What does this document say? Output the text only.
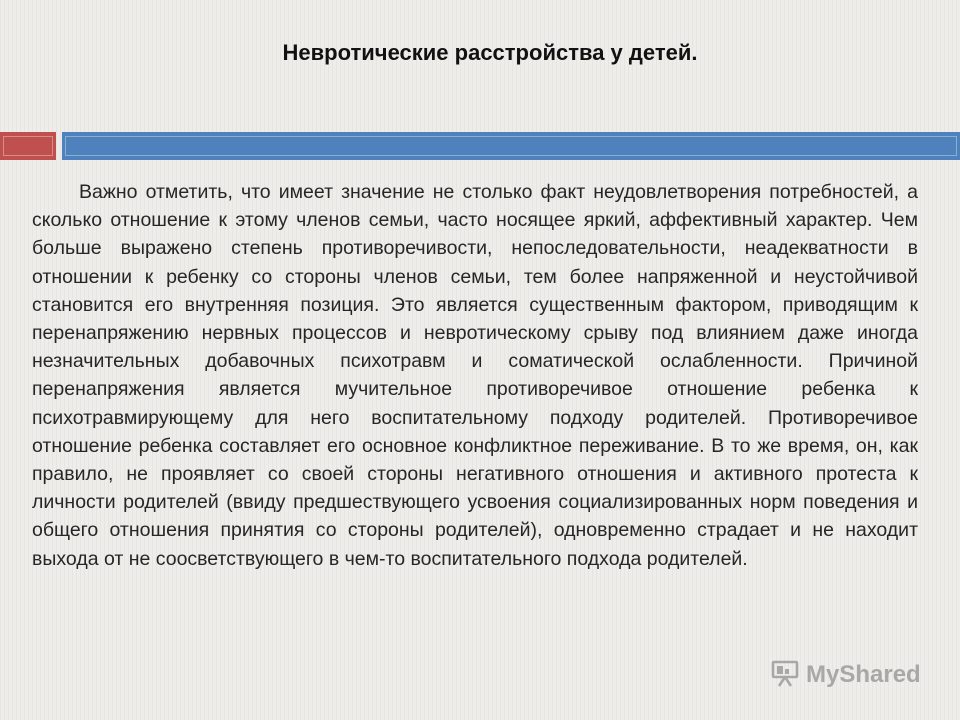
Невротические расстройства у детей.

Важно отметить, что имеет значение не столько факт неудовлетворения потребностей, а сколько отношение к этому членов семьи, часто носящее яркий, аффективный характер. Чем больше выражено степень противоречивости, непоследовательности, неадекватности в отношении к ребенку со стороны членов семьи, тем более напряженной и неустойчивой становится его внутренняя позиция. Это является существенным фактором, приводящим к перенапряжению нервных процессов и невротическому срыву под влиянием даже иногда незначительных добавочных психотравм и соматической ослабленности. Причиной перенапряжения является мучительное противоречивое отношение ребенка к психотравмирующему для него воспитательному подходу родителей. Противоречивое отношение ребенка составляет его основное конфликтное переживание. В то же время, он, как правило, не проявляет со своей стороны негативного отношения и активного протеста к личности родителей (ввиду предшествующего усвоения социализированных норм поведения и общего отношения принятия со стороны родителей), одновременно страдает и не находит выхода от не соосветствующего в чем-то воспитательного подхода родителей.

MyShared
